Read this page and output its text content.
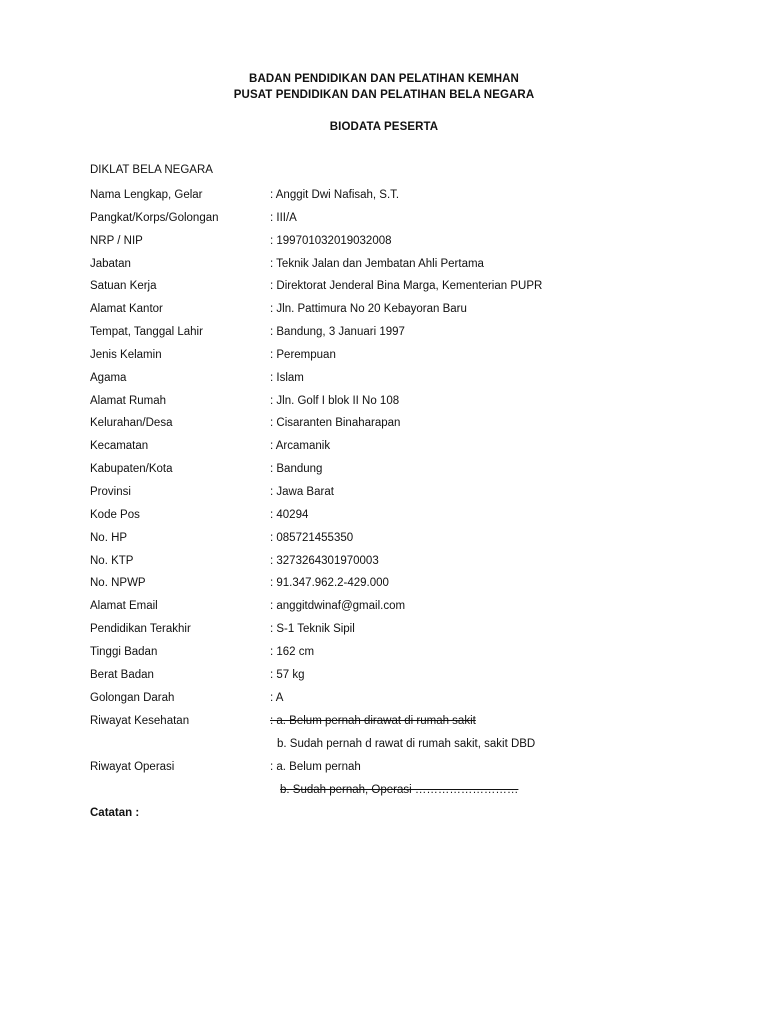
BADAN PENDIDIKAN DAN PELATIHAN KEMHAN
PUSAT PENDIDIKAN DAN PELATIHAN BELA NEGARA
BIODATA PESERTA
DIKLAT BELA NEGARA
Nama Lengkap, Gelar	: Anggit Dwi Nafisah, S.T.
Pangkat/Korps/Golongan	: III/A
NRP / NIP	: 199701032019032008
Jabatan	: Teknik Jalan dan Jembatan Ahli Pertama
Satuan Kerja	: Direktorat Jenderal Bina Marga, Kementerian PUPR
Alamat Kantor	: Jln. Pattimura No 20 Kebayoran Baru
Tempat, Tanggal Lahir	: Bandung, 3 Januari 1997
Jenis Kelamin	: Perempuan
Agama	: Islam
Alamat Rumah	: Jln. Golf I blok II No 108
Kelurahan/Desa	: Cisaranten Binaharapan
Kecamatan	: Arcamanik
Kabupaten/Kota	: Bandung
Provinsi	: Jawa Barat
Kode Pos	: 40294
No. HP	: 085721455350
No. KTP	: 3273264301970003
No. NPWP	: 91.347.962.2-429.000
Alamat Email	: anggitdwinaf@gmail.com
Pendidikan Terakhir	: S-1 Teknik Sipil
Tinggi Badan	: 162 cm
Berat Badan	: 57 kg
Golongan Darah	: A
Riwayat Kesehatan	: a. Belum pernah dirawat di rumah sakit
b. Sudah pernah d rawat di rumah sakit, sakit DBD
Riwayat Operasi	: a. Belum pernah
b. Sudah pernah, Operasi ………………………
Catatan :
